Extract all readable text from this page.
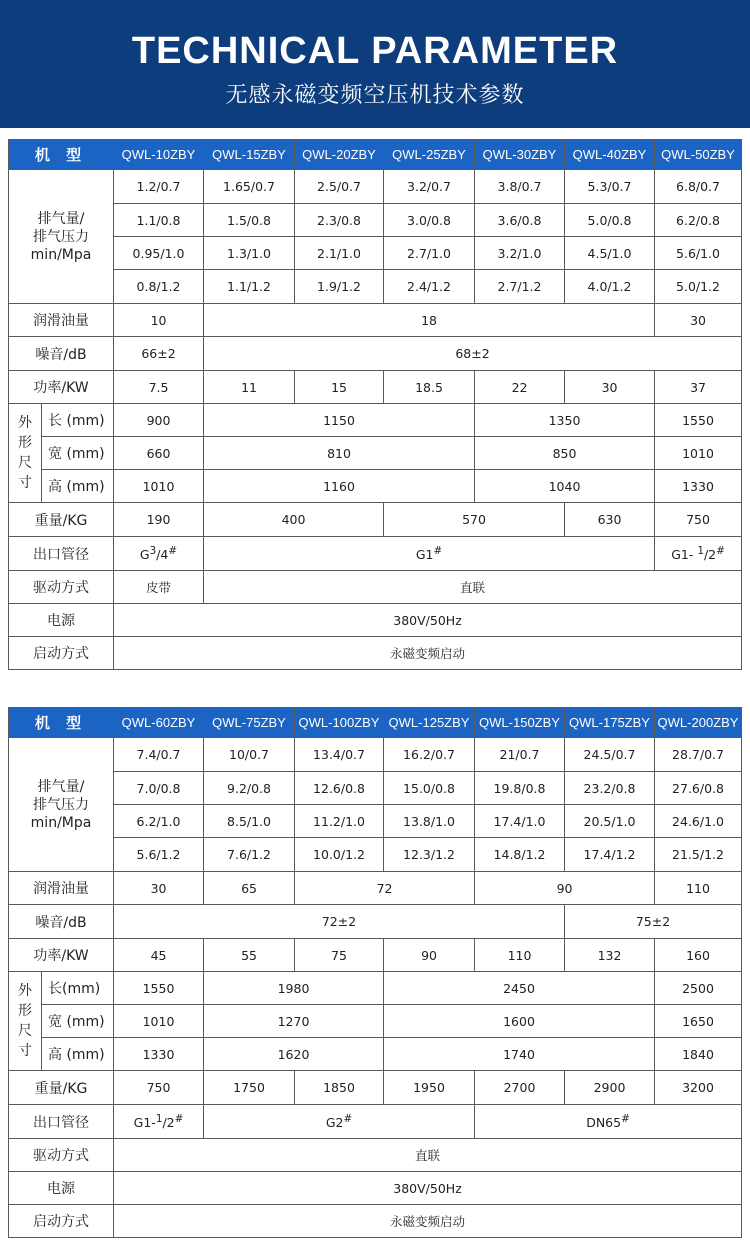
TECHNICAL PARAMETER
无感永磁变频空压机技术参数
机 型		QWL-10ZBY	QWL-15ZBY	QWL-20ZBY	QWL-25ZBY	QWL-30ZBY	QWL-40ZBY	QWL-50ZBY

排气量/
排气压力
min/Mpa		1.2/0.7	1.65/0.7	2.5/0.7	3.2/0.7	3.8/0.7	5.3/0.7	6.8/0.7
		1.1/0.8	1.5/0.8	2.3/0.8	3.0/0.8	3.6/0.8	5.0/0.8	6.2/0.8
		0.95/1.0	1.3/1.0	2.1/1.0	2.7/1.0	3.2/1.0	4.5/1.0	5.6/1.0
		0.8/1.2	1.1/1.2	1.9/1.2	2.4/1.2	2.7/1.2	4.0/1.2	5.0/1.2
润滑油量		10	18					30
噪音/dB		66±2	68±2					
功率/KW		7.5	11	15	18.5	22	30	37

外
形
尺
寸	长 (mm)	900	1150			1350		1550
	宽 (mm)	660	810			850		1010
	高 (mm)	1010	1160			1040		1330
重量/KG		190	400		570		630	750
出口管径		$G^3/4^{\#}$	G1#					G1- $^1$/2#
驱动方式		皮带	直联					
电源		380V/50Hz						
启动方式		永磁变频启动						
机 型		QWL-60ZBY	QWL-75ZBY	QWL-100ZBY	QWL-125ZBY	QWL-150ZBY	QWL-175ZBY	QWL-200ZBY

排气量/
排气压力
min/Mpa		7.4/0.7	10/0.7	13.4/0.7	16.2/0.7	21/0.7	24.5/0.7	28.7/0.7
		7.0/0.8	9.2/0.8	12.6/0.8	15.0/0.8	19.8/0.8	23.2/0.8	27.6/0.8
		6.2/1.0	8.5/1.0	11.2/1.0	13.8/1.0	17.4/1.0	20.5/1.0	24.6/1.0
		5.6/1.2	7.6/1.2	10.0/1.2	12.3/1.2	14.8/1.2	17.4/1.2	21.5/1.2
润滑油量		30	65	72		90		110
噪音/dB		72±2					75±2	
功率/KW		45	55	75	90	110	132	160

外
形
尺
寸	长(mm)	1550	1980		2450			2500
	宽 (mm)	1010	1270		1600			1650
	高 (mm)	1330	1620		1740			1840
重量/KG		750	1750	1850	1950	2700	2900	3200
出口管径		G1-$^1$/2#	G2#			DN65#
驱动方式		直联						
电源		380V/50Hz						
启动方式		永磁变频启动						
